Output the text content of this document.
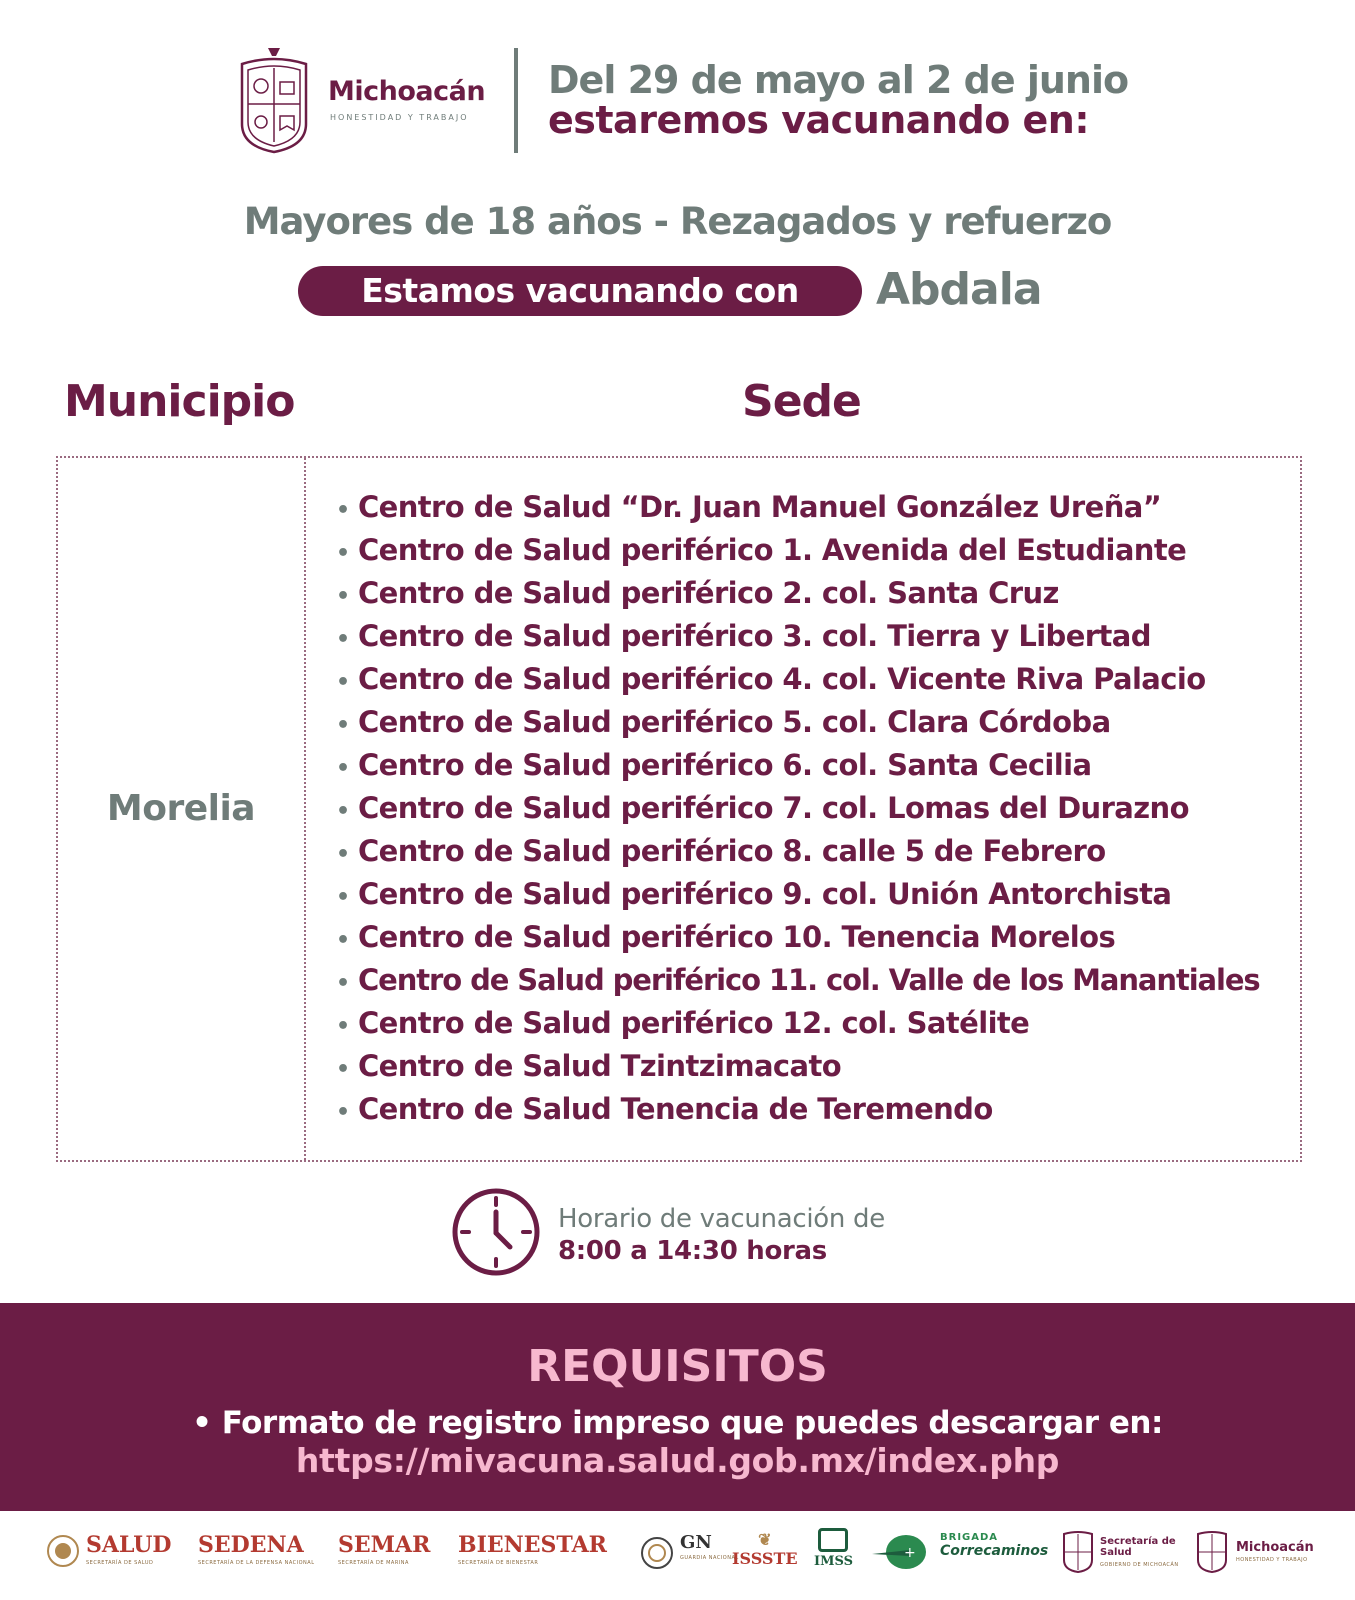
Michoacán
HONESTIDAD Y TRABAJO
Del 29 de mayo al 2 de junio
estaremos vacunando en:
Mayores de 18 años - Rezagados y refuerzo
Estamos vacunando con	Abdala
Municipio	Sede
Morelia
• Centro de Salud “Dr. Juan Manuel González Ureña”
• Centro de Salud periférico 1. Avenida del Estudiante
• Centro de Salud periférico 2. col. Santa Cruz
• Centro de Salud periférico 3. col. Tierra y Libertad
• Centro de Salud periférico 4. col. Vicente Riva Palacio
• Centro de Salud periférico 5. col. Clara Córdoba
• Centro de Salud periférico 6. col. Santa Cecilia
• Centro de Salud periférico 7. col. Lomas del Durazno
• Centro de Salud periférico 8. calle 5 de Febrero
• Centro de Salud periférico 9. col. Unión Antorchista
• Centro de Salud periférico 10. Tenencia Morelos
• Centro de Salud periférico 11. col. Valle de los Manantiales
• Centro de Salud periférico 12. col. Satélite
• Centro de Salud Tzintzimacato
• Centro de Salud Tenencia de Teremendo
Horario de vacunación de
8:00 a 14:30 horas
REQUISITOS
• Formato de registro impreso que puedes descargar en:
https://mivacuna.salud.gob.mx/index.php
SALUD
SECRETARÍA DE SALUD
SEDENA
SECRETARÍA DE LA DEFENSA NACIONAL
SEMAR
SECRETARÍA DE MARINA
BIENESTAR
SECRETARÍA DE BIENESTAR
GN
GUARDIA NACIONAL
❦
ISSSTE IMSS
+
BRIGADA
Correcaminos
Secretaría de Salud
GOBIERNO DE MICHOACÁN
Michoacán
HONESTIDAD Y TRABAJO
